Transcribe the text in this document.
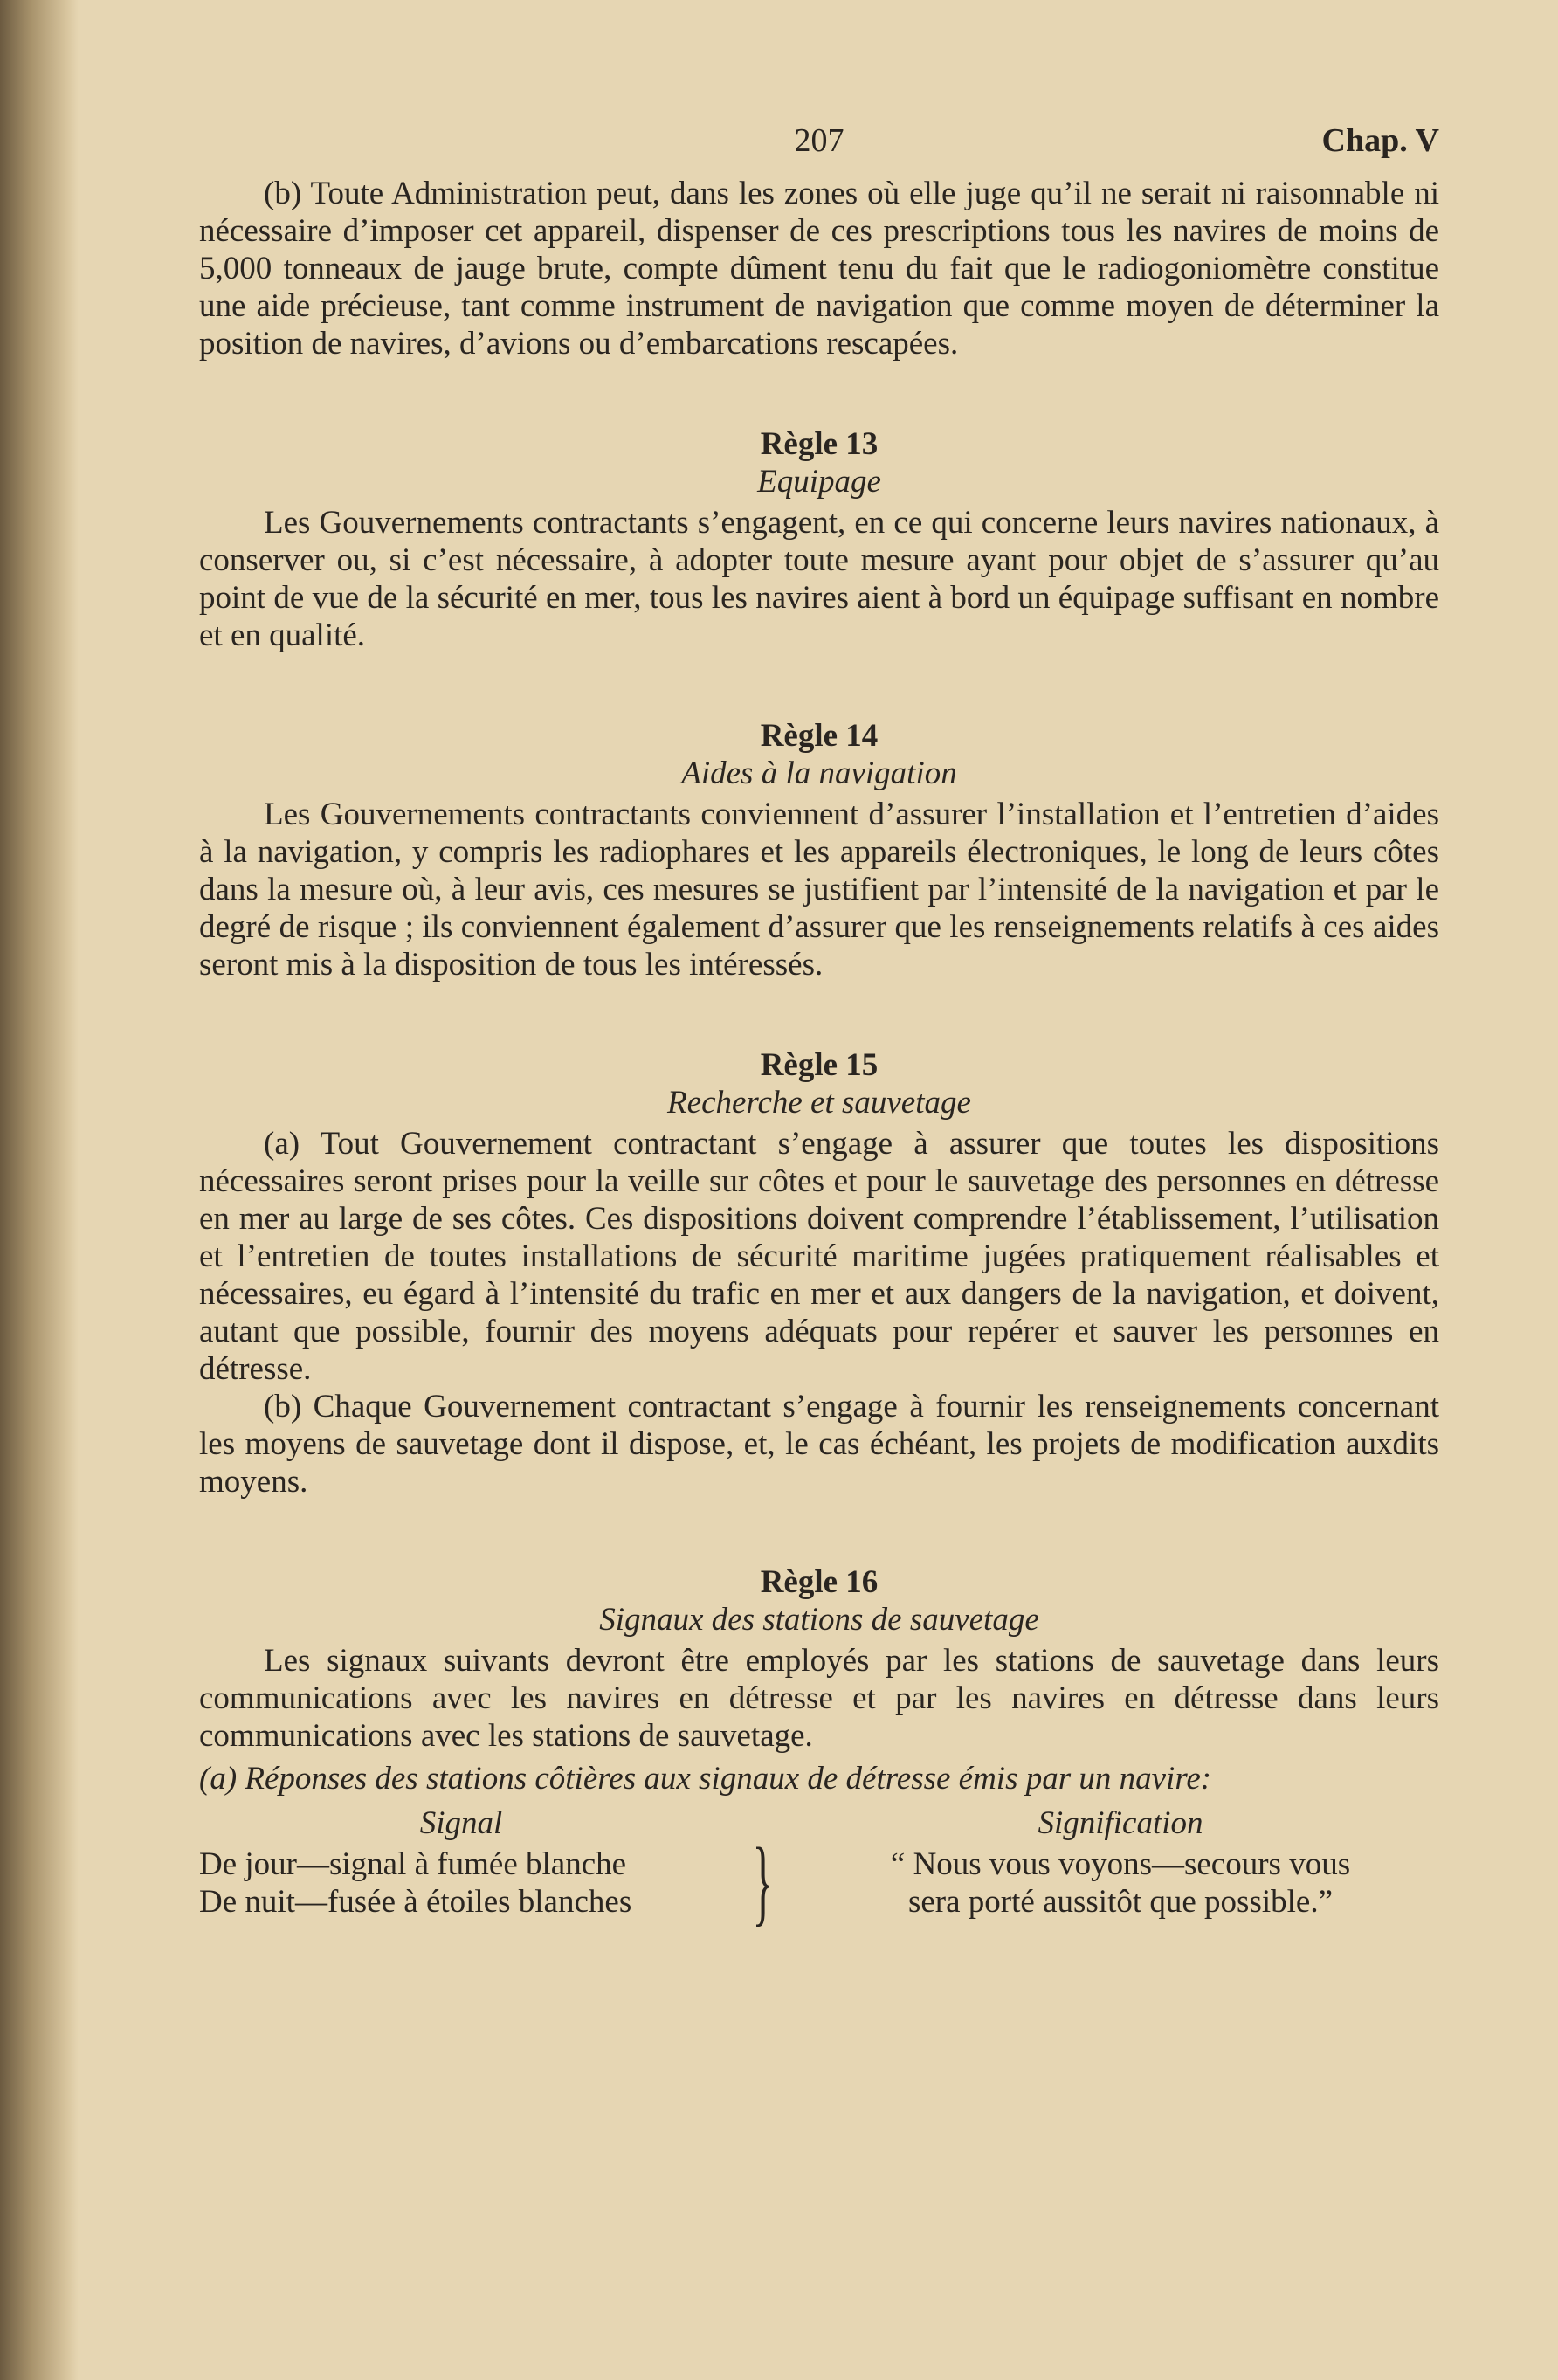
207	Chap. V

(b) Toute Administration peut, dans les zones où elle juge qu’il ne serait ni raisonnable ni nécessaire d’imposer cet appareil, dispenser de ces prescriptions tous les navires de moins de 5,000 tonneaux de jauge brute, compte dûment tenu du fait que le radiogoniomètre constitue une aide précieuse, tant comme instrument de navigation que comme moyen de déterminer la position de navires, d’avions ou d’embarcations rescapées.

Règle 13
Equipage

Les Gouvernements contractants s’engagent, en ce qui concerne leurs navires nationaux, à conserver ou, si c’est nécessaire, à adopter toute mesure ayant pour objet de s’assurer qu’au point de vue de la sécurité en mer, tous les navires aient à bord un équipage suffisant en nombre et en qualité.

Règle 14
Aides à la navigation

Les Gouvernements contractants conviennent d’assurer l’installation et l’entretien d’aides à la navigation, y compris les radiophares et les appareils électroniques, le long de leurs côtes dans la mesure où, à leur avis, ces mesures se justifient par l’intensité de la navigation et par le degré de risque ; ils conviennent également d’assurer que les renseignements relatifs à ces aides seront mis à la disposition de tous les intéressés.

Règle 15
Recherche et sauvetage

(a) Tout Gouvernement contractant s’engage à assurer que toutes les dispositions nécessaires seront prises pour la veille sur côtes et pour le sauvetage des personnes en détresse en mer au large de ses côtes. Ces dispositions doivent comprendre l’établissement, l’utilisation et l’entretien de toutes installations de sécurité maritime jugées pratiquement réalisables et nécessaires, eu égard à l’intensité du trafic en mer et aux dangers de la navigation, et doivent, autant que possible, fournir des moyens adéquats pour repérer et sauver les personnes en détresse.

(b) Chaque Gouvernement contractant s’engage à fournir les renseignements concernant les moyens de sauvetage dont il dispose, et, le cas échéant, les projets de modification auxdits moyens.

Règle 16
Signaux des stations de sauvetage

Les signaux suivants devront être employés par les stations de sauvetage dans leurs communications avec les navires en détresse et par les navires en détresse dans leurs communications avec les stations de sauvetage.

(a) Réponses des stations côtières aux signaux de détresse émis par un navire:

Signal
De jour—signal à fumée blanche
De nuit—fusée à étoiles blanches	}
Signification
“ Nous vous voyons—secours vous
sera porté aussitôt que possible.”
